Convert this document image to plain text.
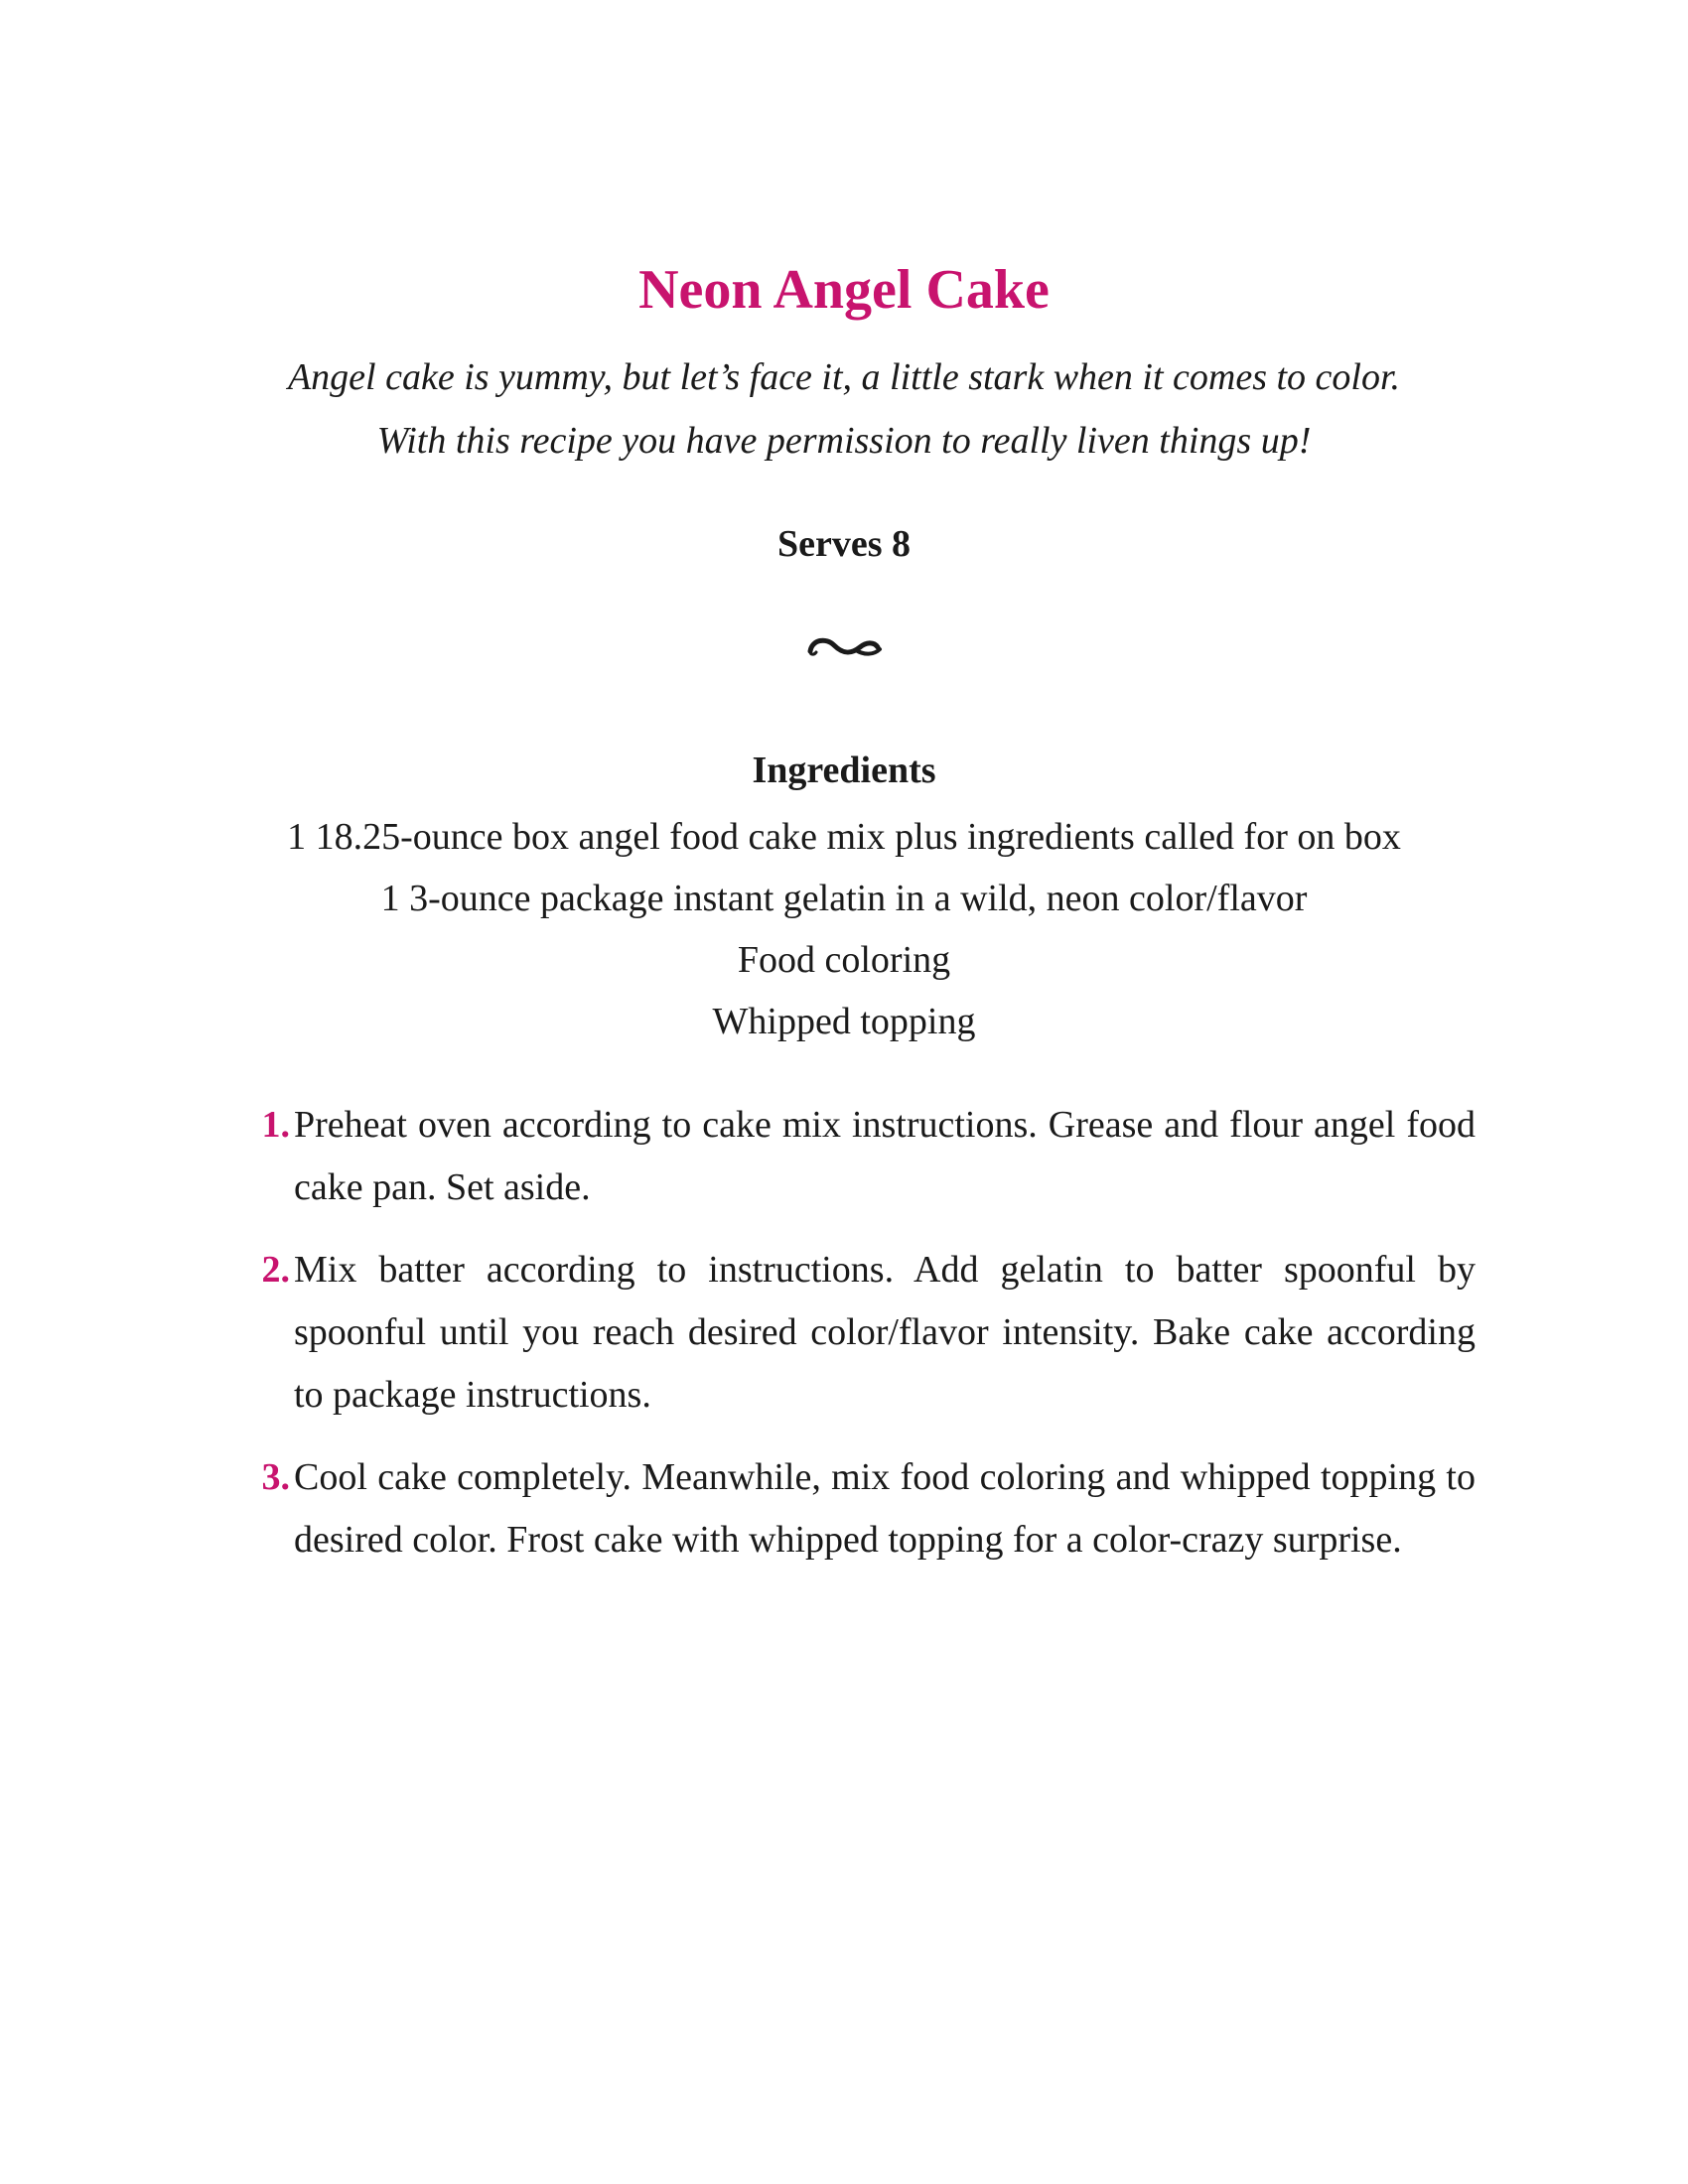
Neon Angel Cake

Angel cake is yummy, but let’s face it, a little stark when it comes to color.
With this recipe you have permission to really liven things up!

Serves 8

Ingredients
1 18.25-ounce box angel food cake mix plus ingredients called for on box
1 3-ounce package instant gelatin in a wild, neon color/flavor
Food coloring
Whipped topping
1. Preheat oven according to cake mix instructions. Grease and flour angel food cake pan. Set aside.
2. Mix batter according to instructions. Add gelatin to batter spoonful by spoonful until you reach desired color/flavor intensity. Bake cake according to package instructions.
3. Cool cake completely. Meanwhile, mix food coloring and whipped topping to desired color. Frost cake with whipped topping for a color-crazy surprise.
